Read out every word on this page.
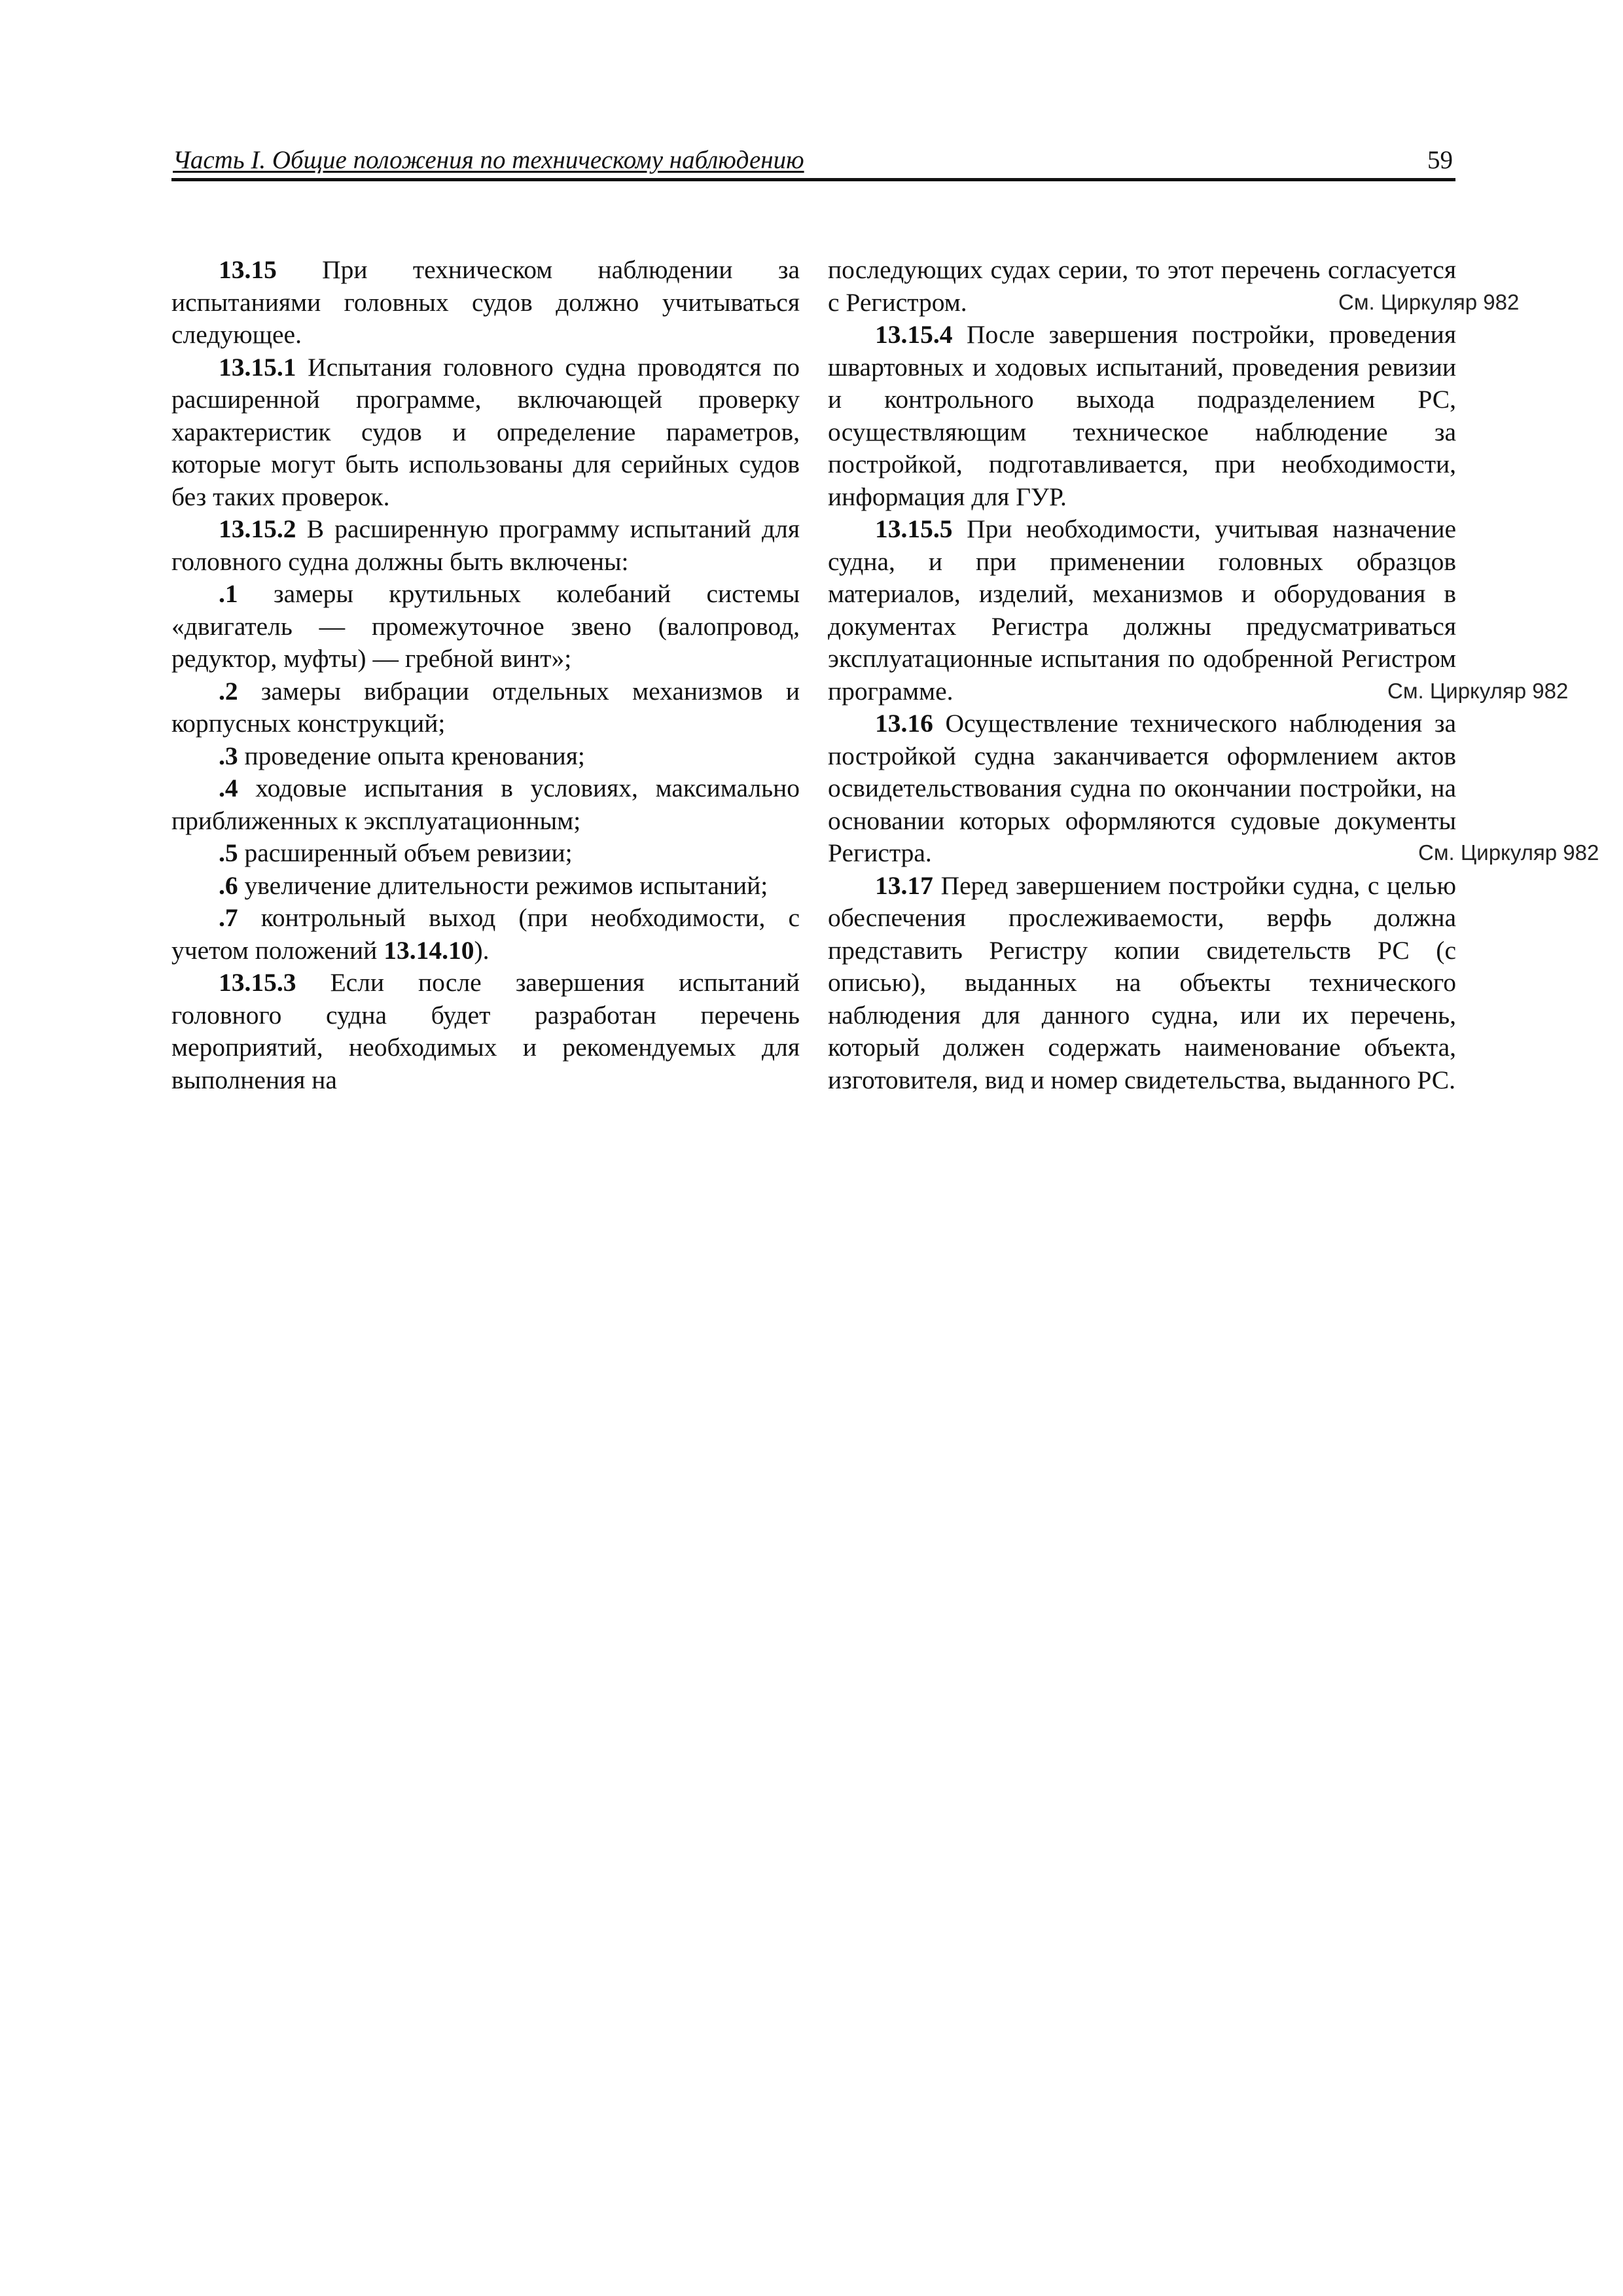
Часть I. Общие положения по техническому наблюдению	59

13.15 При техническом наблюдении за испытаниями головных судов должно учитываться следующее.

13.15.1 Испытания головного судна проводятся по расширенной программе, включающей проверку характеристик судов и определение параметров, которые могут быть использованы для серийных судов без таких проверок.

13.15.2 В расширенную программу испытаний для головного судна должны быть включены:

.1 замеры крутильных колебаний системы «двигатель — промежуточное звено (валопровод, редуктор, муфты) — гребной винт»;

.2 замеры вибрации отдельных механизмов и корпусных конструкций;

.3 проведение опыта кренования;

.4 ходовые испытания в условиях, максимально приближенных к эксплуатационным;

.5 расширенный объем ревизии;

.6 увеличение длительности режимов испытаний;

.7 контрольный выход (при необходимости, с учетом положений 13.14.10).

13.15.3 Если после завершения испытаний головного судна будет разработан перечень мероприятий, необходимых и рекомендуемых для выполнения на

последующих судах серии, то этот перечень согласуется с Регистром.	См. Циркуляр 982

13.15.4 После завершения постройки, проведения швартовных и ходовых испытаний, проведения ревизии и контрольного выхода подразделением РС, осуществляющим техническое наблюдение за постройкой, подготавливается, при необходимости, информация для ГУР.

13.15.5 При необходимости, учитывая назначение судна, и при применении головных образцов материалов, изделий, механизмов и оборудования в документах Регистра должны предусматриваться эксплуатационные испытания по одобренной Регистром программе.	См. Циркуляр 982

13.16 Осуществление технического наблюдения за постройкой судна заканчивается оформлением актов освидетельствования судна по окончании постройки, на основании которых оформляются судовые документы Регистра.	См. Циркуляр 982

13.17 Перед завершением постройки судна, с целью обеспечения прослеживаемости, верфь должна представить Регистру копии свидетельств РС (с описью), выданных на объекты технического наблюдения для данного судна, или их перечень, который должен содержать наименование объекта, изготовителя, вид и номер свидетельства, выданного РС.
